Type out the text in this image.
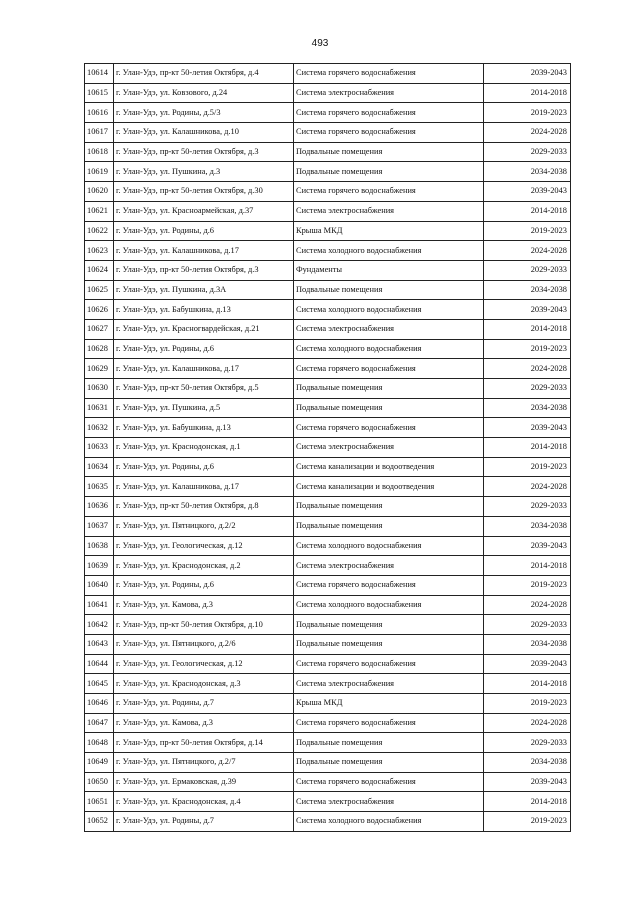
493
10614	г. Улан-Удэ, пр-кт 50-летия Октября, д.4	Система горячего водоснабжения	2039-2043
10615	г. Улан-Удэ, ул. Ковзового, д.24	Система электроснабжения	2014-2018
10616	г. Улан-Удэ, ул. Родины, д.5/3	Система горячего водоснабжения	2019-2023
10617	г. Улан-Удэ, ул. Калашникова, д.10	Система горячего водоснабжения	2024-2028
10618	г. Улан-Удэ, пр-кт 50-летия Октября, д.3	Подвальные помещения	2029-2033
10619	г. Улан-Удэ, ул. Пушкина, д.3	Подвальные помещения	2034-2038
10620	г. Улан-Удэ, пр-кт 50-летия Октября, д.30	Система горячего водоснабжения	2039-2043
10621	г. Улан-Удэ, ул. Красноармейская, д.37	Система электроснабжения	2014-2018
10622	г. Улан-Удэ, ул. Родины, д.6	Крыша МКД	2019-2023
10623	г. Улан-Удэ, ул. Калашникова, д.17	Система холодного водоснабжения	2024-2028
10624	г. Улан-Удэ, пр-кт 50-летия Октября, д.3	Фундаменты	2029-2033
10625	г. Улан-Удэ, ул. Пушкина, д.3А	Подвальные помещения	2034-2038
10626	г. Улан-Удэ, ул. Бабушкина, д.13	Система холодного водоснабжения	2039-2043
10627	г. Улан-Удэ, ул. Красногвардейская, д.21	Система электроснабжения	2014-2018
10628	г. Улан-Удэ, ул. Родины, д.6	Система холодного водоснабжения	2019-2023
10629	г. Улан-Удэ, ул. Калашникова, д.17	Система горячего водоснабжения	2024-2028
10630	г. Улан-Удэ, пр-кт 50-летия Октября, д.5	Подвальные помещения	2029-2033
10631	г. Улан-Удэ, ул. Пушкина, д.5	Подвальные помещения	2034-2038
10632	г. Улан-Удэ, ул. Бабушкина, д.13	Система горячего водоснабжения	2039-2043
10633	г. Улан-Удэ, ул. Краснодонская, д.1	Система электроснабжения	2014-2018
10634	г. Улан-Удэ, ул. Родины, д.6	Система канализации и водоотведения	2019-2023
10635	г. Улан-Удэ, ул. Калашникова, д.17	Система канализации и водоотведения	2024-2028
10636	г. Улан-Удэ, пр-кт 50-летия Октября, д.8	Подвальные помещения	2029-2033
10637	г. Улан-Удэ, ул. Пятницкого, д.2/2	Подвальные помещения	2034-2038
10638	г. Улан-Удэ, ул. Геологическая, д.12	Система холодного водоснабжения	2039-2043
10639	г. Улан-Удэ, ул. Краснодонская, д.2	Система электроснабжения	2014-2018
10640	г. Улан-Удэ, ул. Родины, д.6	Система горячего водоснабжения	2019-2023
10641	г. Улан-Удэ, ул. Камова, д.3	Система холодного водоснабжения	2024-2028
10642	г. Улан-Удэ, пр-кт 50-летия Октября, д.10	Подвальные помещения	2029-2033
10643	г. Улан-Удэ, ул. Пятницкого, д.2/6	Подвальные помещения	2034-2038
10644	г. Улан-Удэ, ул. Геологическая, д.12	Система горячего водоснабжения	2039-2043
10645	г. Улан-Удэ, ул. Краснодонская, д.3	Система электроснабжения	2014-2018
10646	г. Улан-Удэ, ул. Родины, д.7	Крыша МКД	2019-2023
10647	г. Улан-Удэ, ул. Камова, д.3	Система горячего водоснабжения	2024-2028
10648	г. Улан-Удэ, пр-кт 50-летия Октября, д.14	Подвальные помещения	2029-2033
10649	г. Улан-Удэ, ул. Пятницкого, д.2/7	Подвальные помещения	2034-2038
10650	г. Улан-Удэ, ул. Ермаковская, д.39	Система горячего водоснабжения	2039-2043
10651	г. Улан-Удэ, ул. Краснодонская, д.4	Система электроснабжения	2014-2018
10652	г. Улан-Удэ, ул. Родины, д.7	Система холодного водоснабжения	2019-2023
